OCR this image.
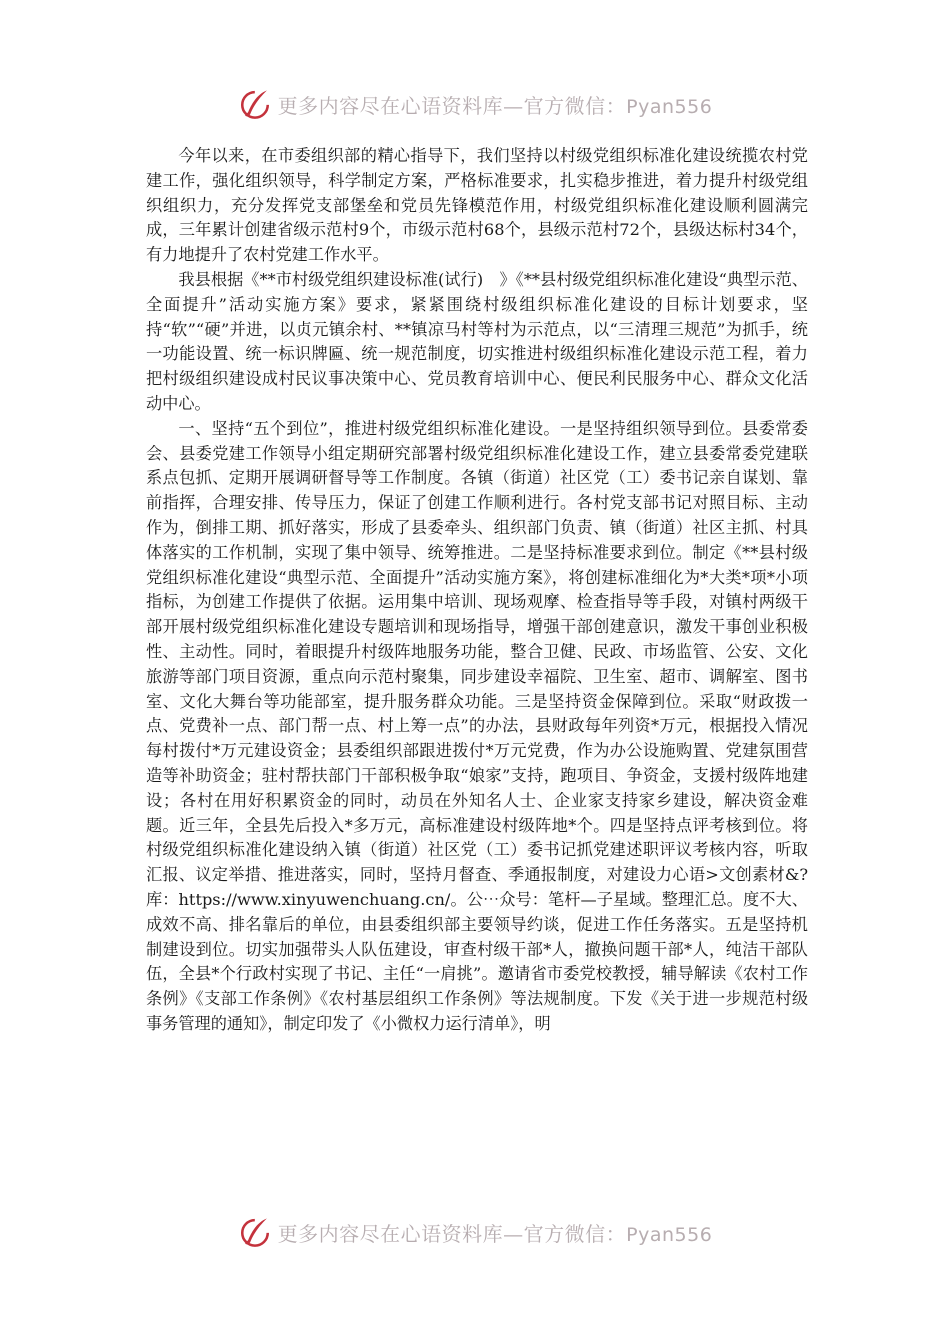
更多内容尽在心语资料库—官方微信：Pyan556

今年以来，在市委组织部的精心指导下，我们坚持以村级党组织标准化建设统揽农村党建工作，强化组织领导，科学制定方案，严格标准要求，扎实稳步推进，着力提升村级党组织组织力，充分发挥党支部堡垒和党员先锋模范作用，村级党组织标准化建设顺利圆满完成，三年累计创建省级示范村9个，市级示范村68个，县级示范村72个，县级达标村34个，有力地提升了农村党建工作水平。

我县根据《**市村级党组织建设标准(试行)　》《**县村级党组织标准化建设“典型示范、全面提升”活动实施方案》要求，紧紧围绕村级组织标准化建设的目标计划要求，坚持“软”“硬”并进，以贞元镇余村、**镇凉马村等村为示范点，以“三清理三规范”为抓手，统一功能设置、统一标识牌匾、统一规范制度，切实推进村级组织标准化建设示范工程，着力把村级组织建设成村民议事决策中心、党员教育培训中心、便民利民服务中心、群众文化活动中心。

一、坚持“五个到位”，推进村级党组织标准化建设。一是坚持组织领导到位。县委常委会、县委党建工作领导小组定期研究部署村级党组织标准化建设工作，建立县委常委党建联系点包抓、定期开展调研督导等工作制度。各镇（街道）社区党（工）委书记亲自谋划、靠前指挥，合理安排、传导压力，保证了创建工作顺利进行。各村党支部书记对照目标、主动作为，倒排工期、抓好落实，形成了县委牵头、组织部门负责、镇（街道）社区主抓、村具体落实的工作机制，实现了集中领导、统筹推进。二是坚持标准要求到位。制定《**县村级党组织标准化建设“典型示范、全面提升”活动实施方案》，将创建标准细化为*大类*项*小项指标，为创建工作提供了依据。运用集中培训、现场观摩、检查指导等手段，对镇村两级干部开展村级党组织标准化建设专题培训和现场指导，增强干部创建意识，激发干事创业积极性、主动性。同时，着眼提升村级阵地服务功能，整合卫健、民政、市场监管、公安、文化旅游等部门项目资源，重点向示范村聚集，同步建设幸福院、卫生室、超市、调解室、图书室、文化大舞台等功能部室，提升服务群众功能。三是坚持资金保障到位。采取“财政拨一点、党费补一点、部门帮一点、村上筹一点”的办法，县财政每年列资*万元，根据投入情况每村拨付*万元建设资金；县委组织部跟进拨付*万元党费，作为办公设施购置、党建氛围营造等补助资金；驻村帮扶部门干部积极争取“娘家”支持，跑项目、争资金，支援村级阵地建设；各村在用好积累资金的同时，动员在外知名人士、企业家支持家乡建设，解决资金难题。近三年，全县先后投入*多万元，高标准建设村级阵地*个。四是坚持点评考核到位。将村级党组织标准化建设纳入镇（街道）社区党（工）委书记抓党建述职评议考核内容，听取汇报、议定举措、推进落实，同时，坚持月督查、季通报制度，对建设力心语>文创素材&?库：https://www.xinyuwenchuang.cn/。公⋯众号：笔杆—子星域。整理汇总。度不大、成效不高、排名靠后的单位，由县委组织部主要领导约谈，促进工作任务落实。五是坚持机制建设到位。切实加强带头人队伍建设，审查村级干部*人，撤换问题干部*人，纯洁干部队伍，全县*个行政村实现了书记、主任“一肩挑”。邀请省市委党校教授，辅导解读《农村工作条例》《支部工作条例》《农村基层组织工作条例》等法规制度。下发《关于进一步规范村级事务管理的通知》，制定印发了《小微权力运行清单》，明

更多内容尽在心语资料库—官方微信：Pyan556
